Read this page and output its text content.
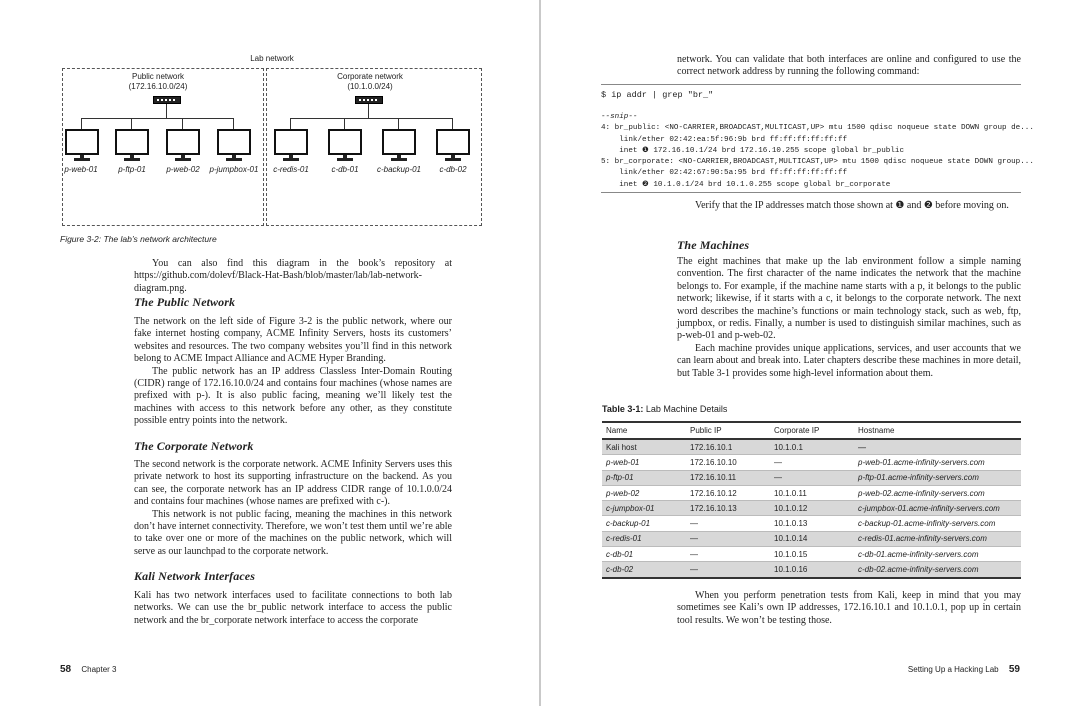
Lab network
Public network
(172.16.10.0/24)
Corporate network
(10.1.0.0/24)
p-web-01	p-ftp-01	p-web-02	p-jumpbox-01	c-redis-01	c-db-01	c-backup-01	c-db-02
Figure 3-2: The lab’s network architecture

You can also find this diagram in the book’s repository at https://github.com/dolevf/Black-Hat-Bash/blob/master/lab/lab-network-diagram.png.

The Public Network

The network on the left side of Figure 3-2 is the public network, where our fake internet hosting company, ACME Infinity Servers, hosts its customers’ websites and resources. The two company websites you’ll find in this network belong to ACME Impact Alliance and ACME Hyper Branding.

The public network has an IP address Classless Inter-Domain Routing (CIDR) range of 172.16.10.0/24 and contains four machines (whose names are prefixed with p-). It is also public facing, meaning we’ll likely test the machines with access to this network before any other, as they constitute possible entry points into the network.

The Corporate Network

The second network is the corporate network. ACME Infinity Servers uses this private network to host its supporting infrastructure on the backend. As you can see, the corporate network has an IP address CIDR range of 10.1.0.0/24 and contains four machines (whose names are prefixed with c-).

This network is not public facing, meaning the machines in this network don’t have internet connectivity. Therefore, we won’t test them until we’re able to take over one or more of the machines on the public network, which will serve as our launchpad to the corporate network.

Kali Network Interfaces

Kali has two network interfaces used to facilitate connections to both lab networks. We can use the br_public network interface to access the public network and the br_corporate network interface to access the corporate

58 Chapter 3

network. You can validate that both interfaces are online and configured to use the correct network address by running the following command:

$ ip addr | grep "br_"
--snip--
4: br_public: <NO-CARRIER,BROADCAST,MULTICAST,UP> mtu 1500 qdisc noqueue state DOWN group de...
link/ether 02:42:ea:5f:96:9b brd ff:ff:ff:ff:ff:ff
inet ❶ 172.16.10.1/24 brd 172.16.10.255 scope global br_public
5: br_corporate: <NO-CARRIER,BROADCAST,MULTICAST,UP> mtu 1500 qdisc noqueue state DOWN group...
link/ether 02:42:67:90:5a:95 brd ff:ff:ff:ff:ff:ff
inet ❷ 10.1.0.1/24 brd 10.1.0.255 scope global br_corporate

Verify that the IP addresses match those shown at ❶ and ❷ before moving on.

The Machines

The eight machines that make up the lab environment follow a simple naming convention. The first character of the name indicates the network that the machine belongs to. For example, if the machine name starts with a p, it belongs to the public network; likewise, if it starts with a c, it belongs to the corporate network. The next word describes the machine’s functions or main technology stack, such as web, ftp, jumpbox, or redis. Finally, a number is used to distinguish similar machines, such as p-web-01 and p-web-02.

Each machine provides unique applications, services, and user accounts that we can learn about and break into. Later chapters describe these machines in more detail, but Table 3-1 provides some high-level information about them.

Table 3-1: Lab Machine Details
Name	Public IP	Corporate IP	Hostname
Kali host	172.16.10.1	10.1.0.1	—
p-web-01	172.16.10.10	—	p-web-01.acme-infinity-servers.com
p-ftp-01	172.16.10.11	—	p-ftp-01.acme-infinity-servers.com
p-web-02	172.16.10.12	10.1.0.11	p-web-02.acme-infinity-servers.com
c-jumpbox-01	172.16.10.13	10.1.0.12	c-jumpbox-01.acme-infinity-servers.com
c-backup-01	—	10.1.0.13	c-backup-01.acme-infinity-servers.com
c-redis-01	—	10.1.0.14	c-redis-01.acme-infinity-servers.com
c-db-01	—	10.1.0.15	c-db-01.acme-infinity-servers.com
c-db-02	—	10.1.0.16	c-db-02.acme-infinity-servers.com

When you perform penetration tests from Kali, keep in mind that you may sometimes see Kali’s own IP addresses, 172.16.10.1 and 10.1.0.1, pop up in certain tool results. We won’t be testing those.

Setting Up a Hacking Lab 59
